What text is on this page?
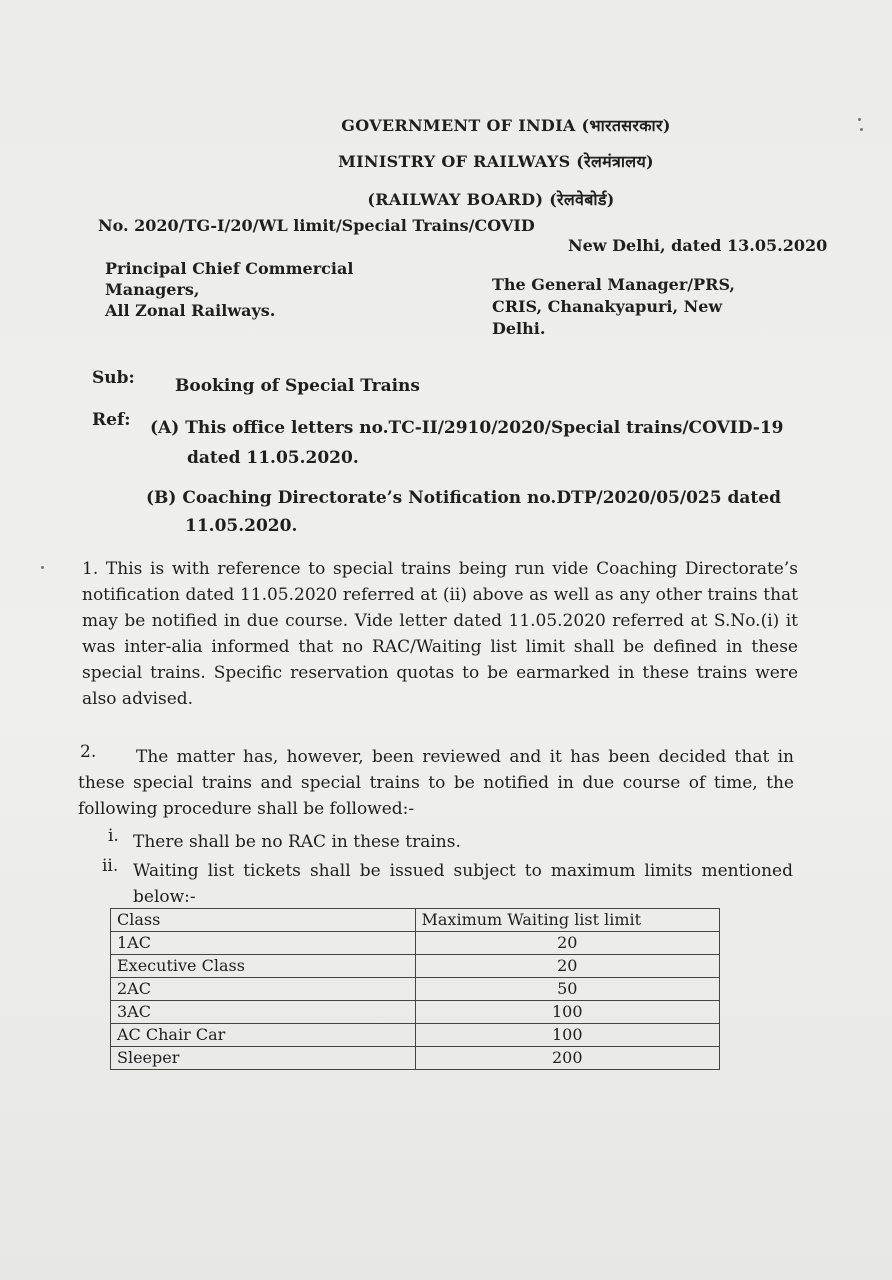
GOVERNMENT OF INDIA (भारतसरकार)
MINISTRY OF RAILWAYS (रेलमंत्रालय)
(RAILWAY BOARD) (रेलवेबोर्ड)
No. 2020/TG-I/20/WL limit/Special Trains/COVID
New Delhi, dated 13.05.2020
Principal Chief Commercial
Managers,
All Zonal Railways.
The General Manager/PRS,
CRIS, Chanakyapuri, New
Delhi.
Sub: Booking of Special Trains
Ref: (A) This office letters no.TC-II/2910/2020/Special trains/COVID-19
dated 11.05.2020.
(B) Coaching Directorate’s Notification no.DTP/2020/05/025 dated
11.05.2020.
1. This is with reference to special trains being run vide Coaching Directorate’s notification dated 11.05.2020 referred at (ii) above as well as any other trains that may be notified in due course. Vide letter dated 11.05.2020 referred at S.No.(i) it was inter-alia informed that no RAC/Waiting list limit shall be defined in these special trains. Specific reservation quotas to be earmarked in these trains were also advised.
2.	The matter has, however, been reviewed and it has been decided that in these special trains and special trains to be notified in due course of time, the following procedure shall be followed:-
i. There shall be no RAC in these trains.
ii. Waiting list tickets shall be issued subject to maximum limits mentioned below:-
Class	Maximum Waiting list limit
1AC	20
Executive Class	20
2AC	50
3AC	100
AC Chair Car	100
Sleeper	200
